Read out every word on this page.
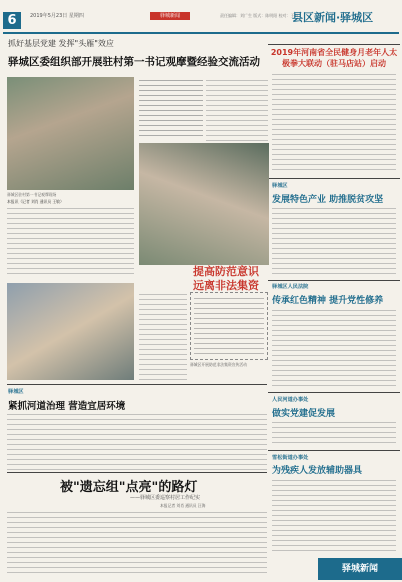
6	2019年5月23日 星期四	驿城新闻	责任编辑：刘广生 版式：陈明阳 校对：王辉
县区新闻·驿城区
抓好基层党建 发挥"头雁"效应
驿城区委组织部开展驻村第一书记观摩暨经验交流活动
驿城区驻村第一书记观摩现场
本报讯（记者 刘肖 通讯员 王敏）
2019年河南省全民健身月老年人太极拳大联动（驻马店站）启动
驿城区
发展特色产业 助推脱贫攻坚
驿城区人民法院
传承红色精神 提升党性修养
人民河道办事处
做实党建促发展
雪松街道办事处
为残疾人发放辅助器具
提高防范意识
远离非法集资
驿城区开展防范非法集资宣传活动
驿城区
紧抓河道治理 营造宜居环境
被"遗忘组"点亮"的路灯
——驿城区委巡察村居工作纪实
本报记者 刘肖 通讯员 汪海
驿城新闻
